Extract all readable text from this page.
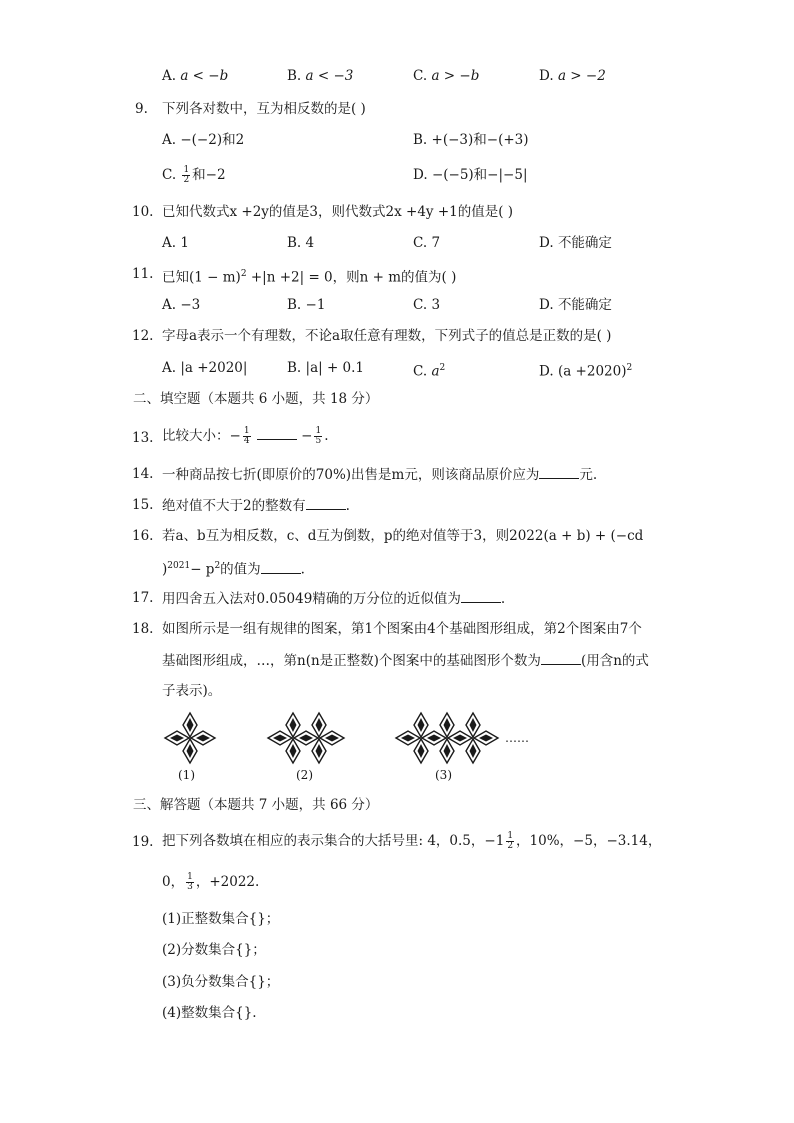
A. a < −b	B. a < −3	C. a > −b	D. a > −2
9. 下列各对数中，互为相反数的是( )
A. −(−2)和2	B. +(−3)和−(+3)
C. $\frac{1}{2}$ 和−2	D. −(−5)和−|−5|
10. 已知代数式x +2y的值是3，则代数式2x +4y +1的值是( )
A. 1	B. 4	C. 7	D. 不能确定
11. 已知$(1 - m)^2 +|n +2| = 0$，则n + m的值为( )
A. −3	B. −1	C. 3	D. 不能确定
12. 字母a表示一个有理数，不论a取任意有理数，下列式子的值总是正数的是( )
A. |a +2020|	B. |a| + 0.1	C. $a^2$	D. $(a +2020)^2$
二、填空题（本题共 6 小题，共 18 分）
13. 比较大小：− $\frac{1}{4}$	− $\frac{1}{5}$ .
14. 一种商品按七折(即原价的70%)出售是m元，则该商品原价应为	元.
15. 绝对值不大于2的整数有	.
16. 若a、b互为相反数，c、d互为倒数，p的绝对值等于3，则2022(a + b) + (−cd
)$^{2021}- p^2$的值为	.
17. 用四舍五入法对0.05049精确的万分位的近似值为	.
18. 如图所示是一组有规律的图案，第1个图案由4个基础图形组成，第2个图案由7个
基础图形组成，…，第n(n是正整数)个图案中的基础图形个数为	(用含n的式
子表示)。
……
(1)	(2)	(3)
三、解答题（本题共 7 小题，共 66 分）
19. 把下列各数填在相应的表示集合的大括号里: 4，0.5，$-1 \frac{1}{2}$ ，10%，−5，−3.14，
0， $\frac{1}{3}$ ，+2022.
(1)正整数集合{}；
(2)分数集合{}；
(3)负分数集合{}；
(4)整数集合{}.
